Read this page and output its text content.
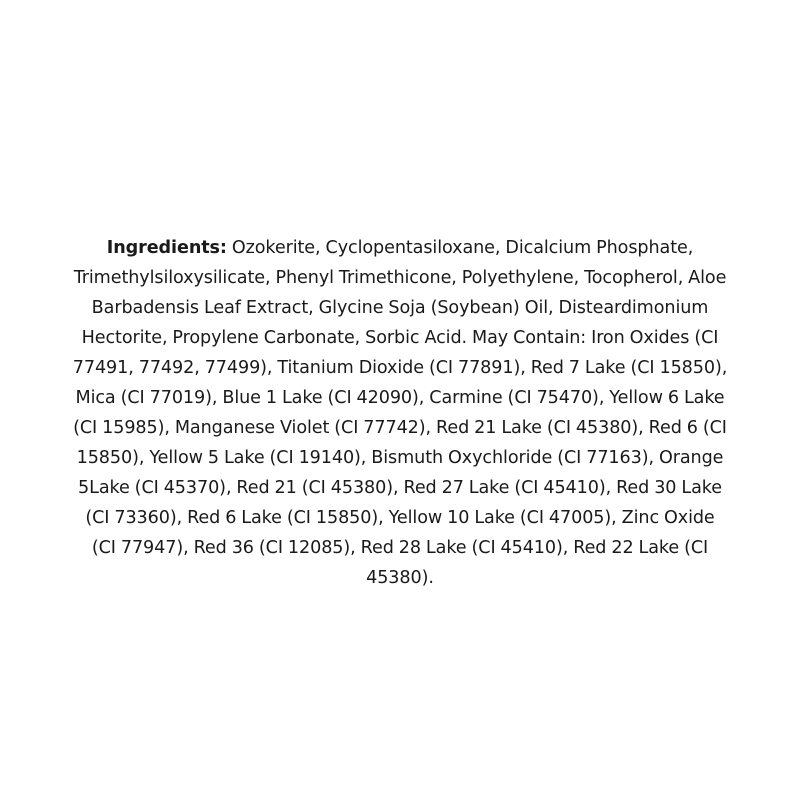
Ingredients: Ozokerite, Cyclopentasiloxane, Dicalcium Phosphate, Trimethylsiloxysilicate, Phenyl Trimethicone, Polyethylene, Tocopherol, Aloe Barbadensis Leaf Extract, Glycine Soja (Soybean) Oil, Disteardimonium Hectorite, Propylene Carbonate, Sorbic Acid. May Contain: Iron Oxides (CI 77491, 77492, 77499), Titanium Dioxide (CI 77891), Red 7 Lake (CI 15850), Mica (CI 77019), Blue 1 Lake (CI 42090), Carmine (CI 75470), Yellow 6 Lake (CI 15985), Manganese Violet (CI 77742), Red 21 Lake (CI 45380), Red 6 (CI 15850), Yellow 5 Lake (CI 19140), Bismuth Oxychloride (CI 77163), Orange 5Lake (CI 45370), Red 21 (CI 45380), Red 27 Lake (CI 45410), Red 30 Lake (CI 73360), Red 6 Lake (CI 15850), Yellow 10 Lake (CI 47005), Zinc Oxide (CI 77947), Red 36 (CI 12085), Red 28 Lake (CI 45410), Red 22 Lake (CI 45380).
